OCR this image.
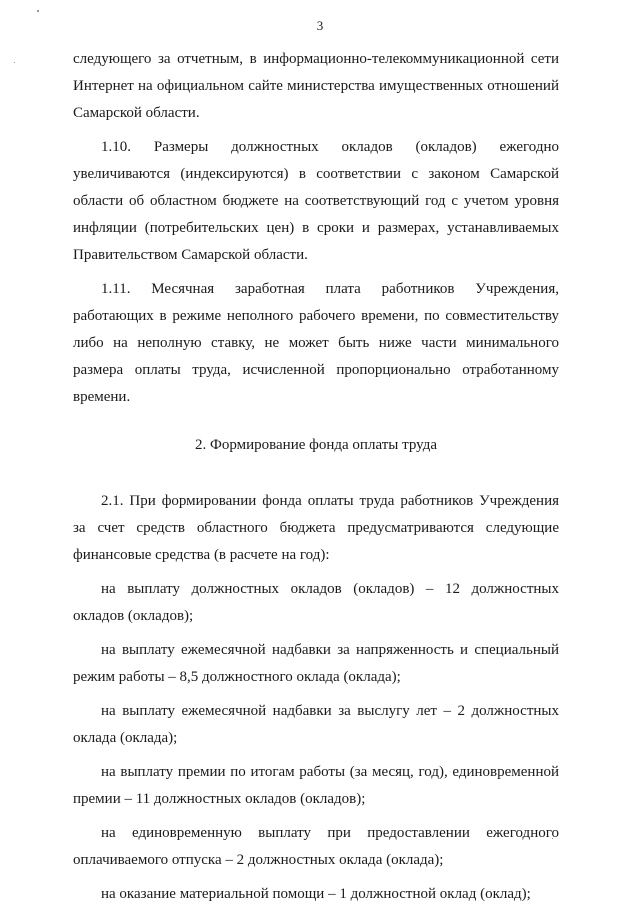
3

следующего за отчетным, в информационно-телекоммуникационной сети
Интернет на официальном сайте министерства имущественных отношений
Самарской области.

1.10. Размеры должностных окладов (окладов) ежегодно
увеличиваются (индексируются) в соответствии с законом Самарской
области об областном бюджете на соответствующий год с учетом уровня
инфляции (потребительских цен) в сроки и размерах, устанавливаемых
Правительством Самарской области.

1.11. Месячная заработная плата работников Учреждения,
работающих в режиме неполного рабочего времени, по совместительству
либо на неполную ставку, не может быть ниже части минимального
размера оплаты труда, исчисленной пропорционально отработанному
времени.

2. Формирование фонда оплаты труда

2.1. При формировании фонда оплаты труда работников Учреждения
за счет средств областного бюджета предусматриваются следующие
финансовые средства (в расчете на год):

на выплату должностных окладов (окладов) – 12 должностных
окладов (окладов);

на выплату ежемесячной надбавки за напряженность и специальный
режим работы – 8,5 должностного оклада (оклада);

на выплату ежемесячной надбавки за выслугу лет – 2 должностных
оклада (оклада);

на выплату премии по итогам работы (за месяц, год), единовременной
премии – 11 должностных окладов (окладов);

на единовременную выплату при предоставлении ежегодного
оплачиваемого отпуска – 2 должностных оклада (оклада);

на оказание материальной помощи – 1 должностной оклад (оклад);
